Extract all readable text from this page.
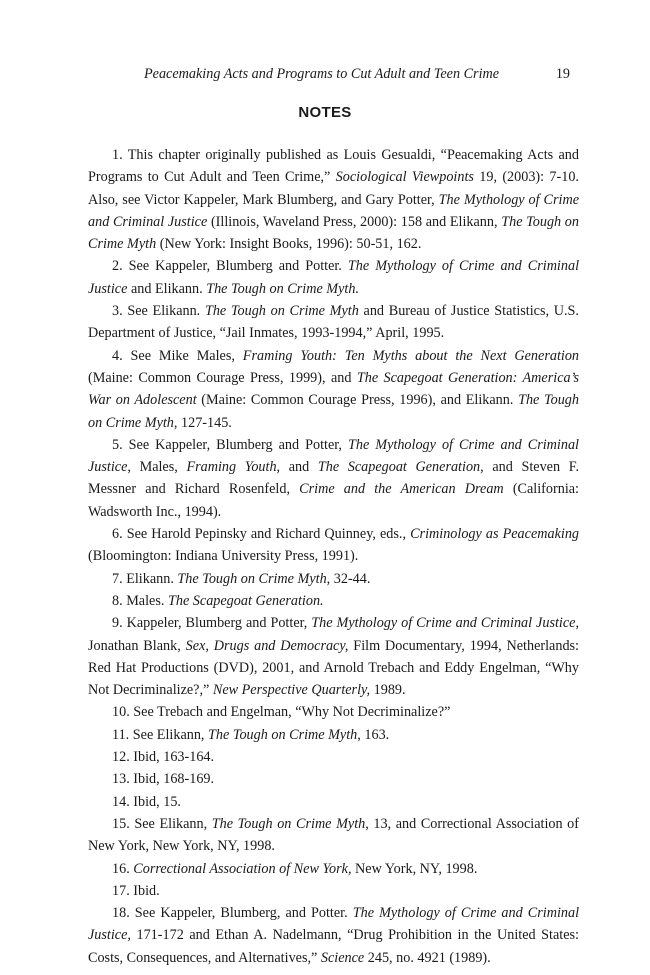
Peacemaking Acts and Programs to Cut Adult and Teen Crime	19
NOTES

1. This chapter originally published as Louis Gesualdi, “Peacemaking Acts and Programs to Cut Adult and Teen Crime,” Sociological Viewpoints 19, (2003): 7-10. Also, see Victor Kappeler, Mark Blumberg, and Gary Potter, The Mythology of Crime and Criminal Justice (Illinois, Waveland Press, 2000): 158 and Elikann, The Tough on Crime Myth (New York: Insight Books, 1996): 50-51, 162.

2. See Kappeler, Blumberg and Potter. The Mythology of Crime and Criminal Justice and Elikann. The Tough on Crime Myth.

3. See Elikann. The Tough on Crime Myth and Bureau of Justice Statistics, U.S. Department of Justice, “Jail Inmates, 1993-1994,” April, 1995.

4. See Mike Males, Framing Youth: Ten Myths about the Next Generation (Maine: Common Courage Press, 1999), and The Scapegoat Generation: America’s War on Adolescent (Maine: Common Courage Press, 1996), and Elikann. The Tough on Crime Myth, 127-145.

5. See Kappeler, Blumberg and Potter, The Mythology of Crime and Criminal Justice, Males, Framing Youth, and The Scapegoat Generation, and Steven F. Messner and Richard Rosenfeld, Crime and the American Dream (California: Wadsworth Inc., 1994).

6. See Harold Pepinsky and Richard Quinney, eds., Criminology as Peacemaking (Bloomington: Indiana University Press, 1991).

7. Elikann. The Tough on Crime Myth, 32-44.

8. Males. The Scapegoat Generation.

9. Kappeler, Blumberg and Potter, The Mythology of Crime and Criminal Justice, Jonathan Blank, Sex, Drugs and Democracy, Film Documentary, 1994, Netherlands: Red Hat Productions (DVD), 2001, and Arnold Trebach and Eddy Engelman, “Why Not Decriminalize?,” New Perspective Quarterly, 1989.

10. See Trebach and Engelman, “Why Not Decriminalize?”

11. See Elikann, The Tough on Crime Myth, 163.

12. Ibid, 163-164.

13. Ibid, 168-169.

14. Ibid, 15.

15. See Elikann, The Tough on Crime Myth, 13, and Correctional Association of New York, New York, NY, 1998.

16. Correctional Association of New York, New York, NY, 1998.

17. Ibid.

18. See Kappeler, Blumberg, and Potter. The Mythology of Crime and Criminal Justice, 171-172 and Ethan A. Nadelmann, “Drug Prohibition in the United States: Costs, Consequences, and Alternatives,” Science 245, no. 4921 (1989).
